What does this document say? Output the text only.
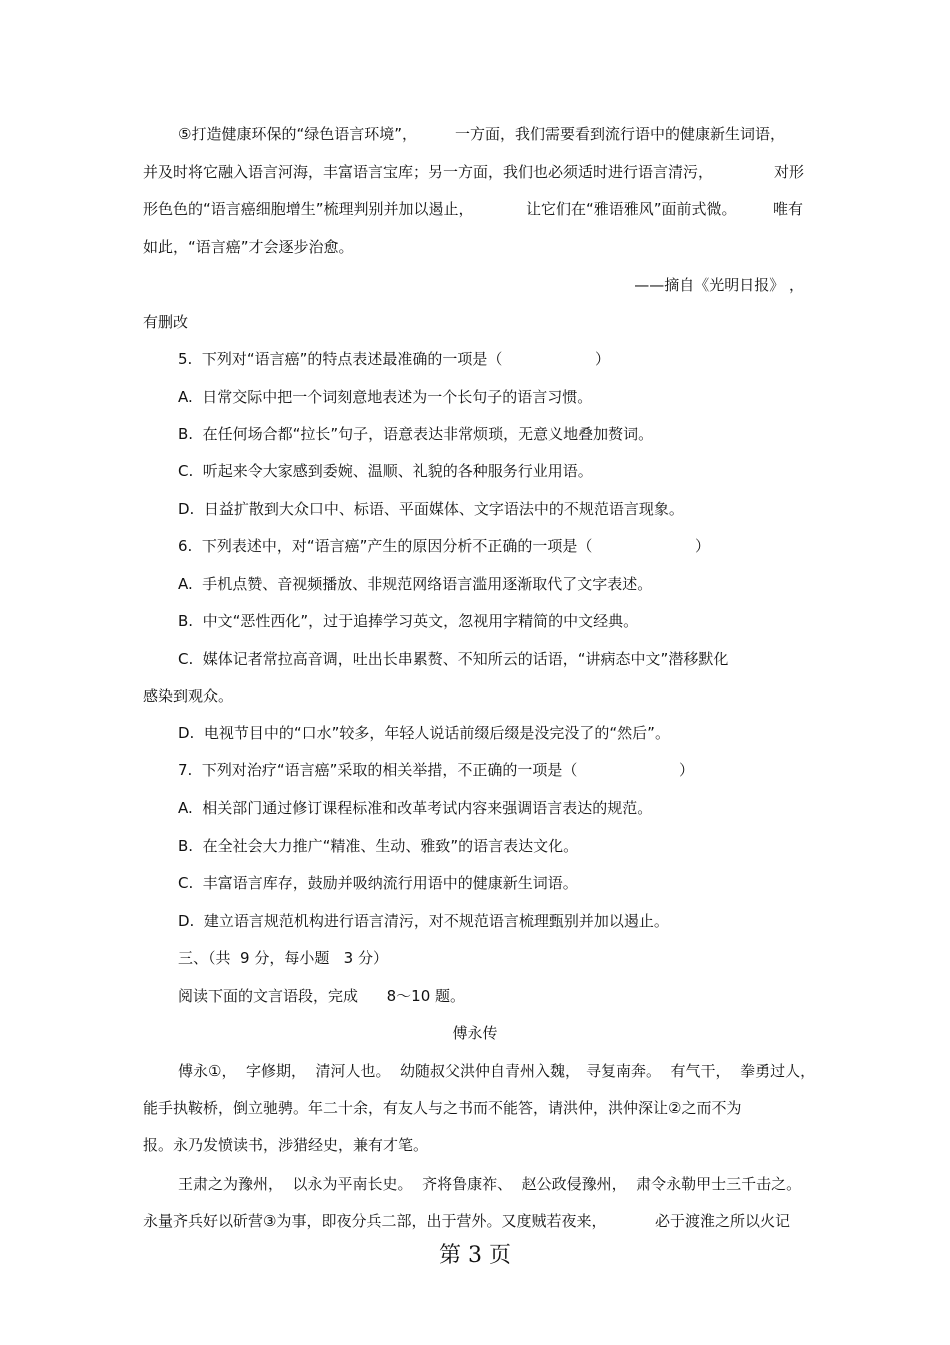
⑤打造健康环保的“绿色语言环境”，	一方面，我们需要看到流行语中的健康新生词语，
并及时将它融入语言河海，丰富语言宝库；另一方面，我们也必须适时进行语言清污，	对形
形色色的“语言癌细胞增生”梳理判别并加以遏止，	让它们在“雅语雅风”面前式微。 唯有
如此，“语言癌”才会逐步治愈。
——摘自《光明日报》 ，
有删改
5.  下列对“语言癌”的特点表述最准确的一项是（	）
A.  日常交际中把一个词刻意地表述为一个长句子的语言习惯。
B.  在任何场合都“拉长”句子，语意表达非常烦琐，无意义地叠加赘词。
C.  听起来令大家感到委婉、温顺、礼貌的各种服务行业用语。
D.  日益扩散到大众口中、标语、平面媒体、文字语法中的不规范语言现象。
6.  下列表述中，对“语言癌”产生的原因分析不正确的一项是（	）
A.  手机点赞、音视频播放、非规范网络语言滥用逐渐取代了文字表述。
B.  中文“恶性西化”，过于追捧学习英文，忽视用字精简的中文经典。
C.  媒体记者常拉高音调，吐出长串累赘、不知所云的话语，“讲病态中文”潜移默化
感染到观众。
D.  电视节目中的“口水”较多，年轻人说话前缀后缀是没完没了的“然后”。
7.  下列对治疗“语言癌”采取的相关举措，不正确的一项是（	）
A.  相关部门通过修订课程标准和改革考试内容来强调语言表达的规范。
B.  在全社会大力推广“精准、生动、雅致”的语言表达文化。
C.  丰富语言库存，鼓励并吸纳流行用语中的健康新生词语。
D.  建立语言规范机构进行语言清污，对不规范语言梳理甄别并加以遏止。
三、（共  9 分，每小题   3 分）
阅读下面的文言语段，完成      8～10 题。
傅永传
傅永①，  字修期，  清河人也。  幼随叔父洪仲自青州入魏， 寻复南奔。  有气干，  拳勇过人，
能手执鞍桥，倒立驰骋。年二十余，有友人与之书而不能答，请洪仲，洪仲深让②之而不为
报。永乃发愤读书，涉猎经史，兼有才笔。
王肃之为豫州，  以永为平南长史。  齐将鲁康祚、  赵公政侵豫州，  肃令永勒甲士三千击之。
永量齐兵好以斫营③为事，即夜分兵二部，出于营外。又度贼若夜来，	必于渡淮之所以火记
第 3 页
